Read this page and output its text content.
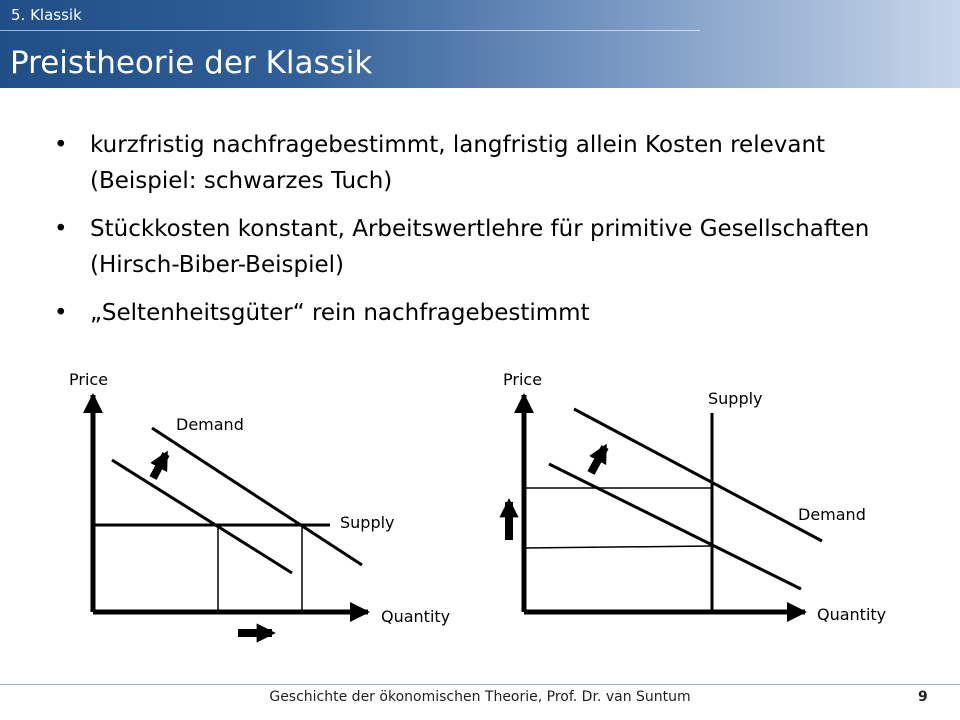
5. Klassik
Preistheorie der Klassik
• kurzfristig nachfragebestimmt, langfristig allein Kosten relevant (Beispiel: schwarzes Tuch)
• Stückkosten konstant, Arbeitswertlehre für primitive Gesellschaften (Hirsch-Biber-Beispiel)
• „Seltenheitsgüter“ rein nachfragebestimmt
Price
Quantity
Demand
Supply
Price
Quantity
Demand
Supply
Geschichte der ökonomischen Theorie, Prof. Dr. van Suntum	9
